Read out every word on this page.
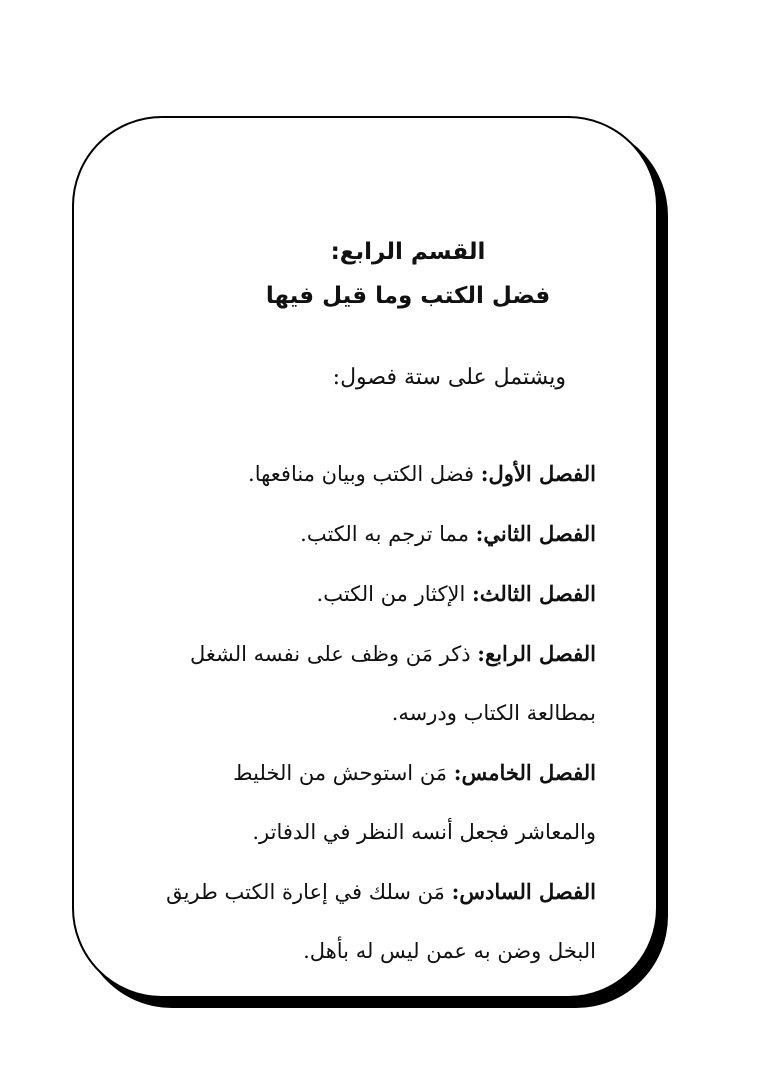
القسم الرابع:

فضل الكتب وما قيل فيها

ويشتمل على ستة فصول:

الفصل الأول: فضل الكتب وبيان منافعها.

الفصل الثاني: مما ترجم به الكتب.

الفصل الثالث: الإكثار من الكتب.

الفصل الرابع: ذكر مَن وظف على نفسه الشغل بمطالعة الكتاب ودرسه.

الفصل الخامس: مَن استوحش من الخليط والمعاشر فجعل أنسه النظر في الدفاتر.

الفصل السادس: مَن سلك في إعارة الكتب طريق البخل وضن به عمن ليس له بأهل.
